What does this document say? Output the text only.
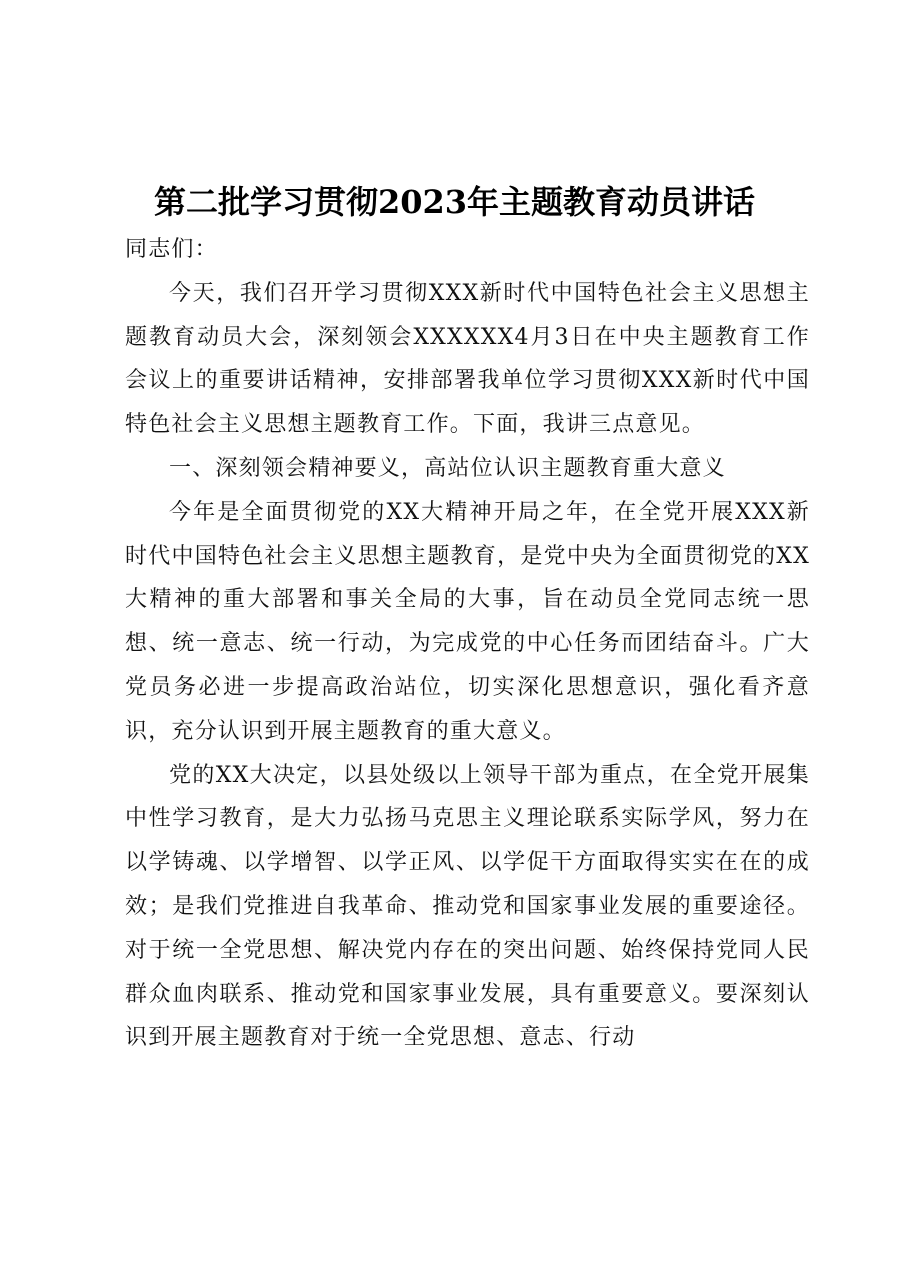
第二批学习贯彻2023年主题教育动员讲话

同志们：

今天，我们召开学习贯彻XXX新时代中国特色社会主义思想主题教育动员大会，深刻领会XXXXXX4月3日在中央主题教育工作会议上的重要讲话精神，安排部署我单位学习贯彻XXX新时代中国特色社会主义思想主题教育工作。下面，我讲三点意见。

一、深刻领会精神要义，高站位认识主题教育重大意义

今年是全面贯彻党的XX大精神开局之年，在全党开展XXX新时代中国特色社会主义思想主题教育，是党中央为全面贯彻党的XX大精神的重大部署和事关全局的大事，旨在动员全党同志统一思想、统一意志、统一行动，为完成党的中心任务而团结奋斗。广大党员务必进一步提高政治站位，切实深化思想意识，强化看齐意识，充分认识到开展主题教育的重大意义。

党的XX大决定，以县处级以上领导干部为重点，在全党开展集中性学习教育，是大力弘扬马克思主义理论联系实际学风，努力在以学铸魂、以学增智、以学正风、以学促干方面取得实实在在的成效；是我们党推进自我革命、推动党和国家事业发展的重要途径。对于统一全党思想、解决党内存在的突出问题、始终保持党同人民群众血肉联系、推动党和国家事业发展，具有重要意义。要深刻认识到开展主题教育对于统一全党思想、意志、行动
